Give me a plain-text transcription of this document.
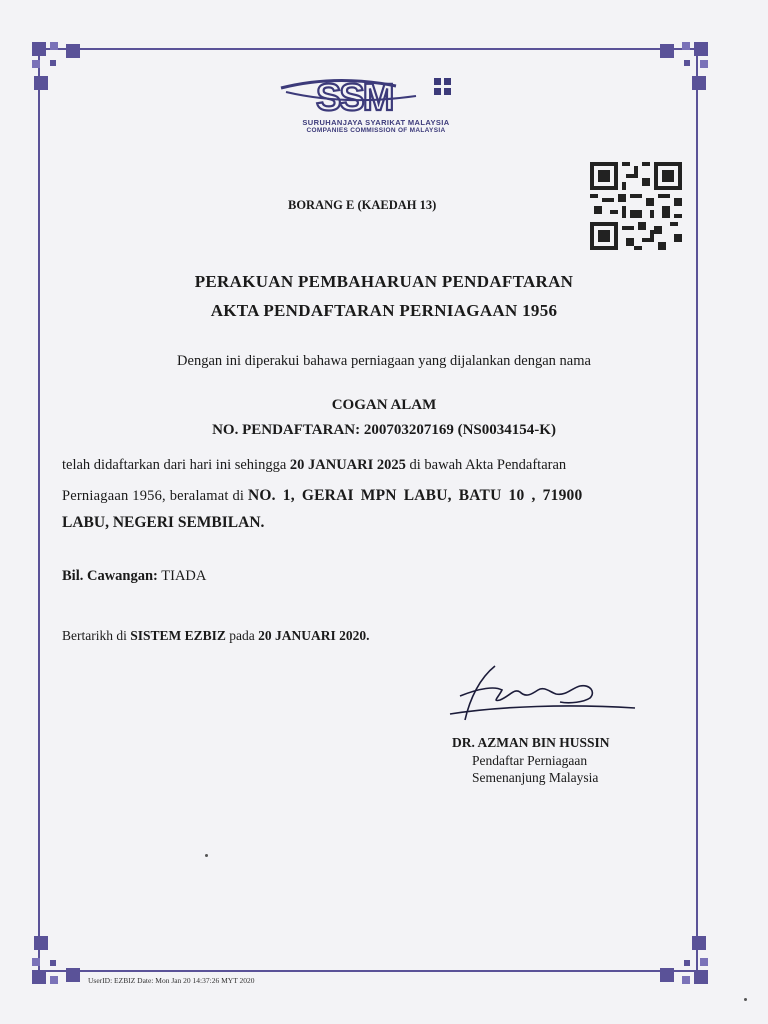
SSM
SURUHANJAYA SYARIKAT MALAYSIA
COMPANIES COMMISSION OF MALAYSIA
BORANG E (KAEDAH 13)
PERAKUAN PEMBAHARUAN PENDAFTARAN
AKTA PENDAFTARAN PERNIAGAAN 1956
Dengan ini diperakui bahawa perniagaan yang dijalankan dengan nama
COGAN ALAM
NO. PENDAFTARAN: 200703207169 (NS0034154-K)
telah didaftarkan dari hari ini sehingga 20 JANUARI 2025 di bawah Akta Pendaftaran
Perniagaan 1956, beralamat di NO. 1, GERAI MPN LABU, BATU 10 , 71900
LABU, NEGERI SEMBILAN.
Bil. Cawangan: TIADA
Bertarikh di SISTEM EZBIZ pada 20 JANUARI 2020.
DR. AZMAN BIN HUSSIN
Pendaftar Perniagaan
Semenanjung Malaysia
UserID: EZBIZ Date: Mon Jan 20 14:37:26 MYT 2020
